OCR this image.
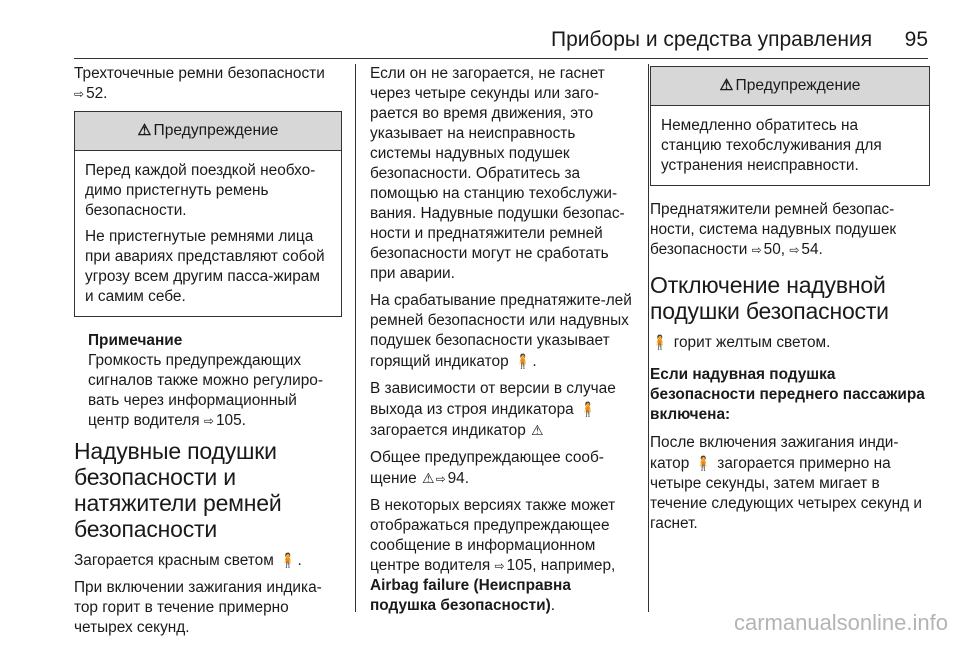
Приборы и средства управления 95

Трехточечные ремни безопасности ⇨ 52.

⚠ Предупреждение

Перед каждой поездкой необхо-димо пристегнуть ремень безопасности.

Не пристегнутые ремнями лица при авариях представляют собой угрозу всем другим пасса-жирам и самим себе.

Примечание
Громкость предупреждающих сигналов также можно регулиро-вать через информационный центр водителя ⇨ 105.
Надувные подушки безопасности и натяжители ремней безопасности

Загорается красным светом 🧍.

При включении зажигания индика-тор горит в течение примерно четырех секунд.

Если он не загорается, не гаснет через четыре секунды или заго-рается во время движения, это указывает на неисправность системы надувных подушек безопасности. Обратитесь за помощью на станцию техобслужи-вания. Надувные подушки безопас-ности и преднатяжители ремней безопасности могут не сработать при аварии.

На срабатывание преднатяжите-лей ремней безопасности или надувных подушек безопасности указывает горящий индикатор 🧍.

В зависимости от версии в случае выхода из строя индикатора 🧍 загорается индикатор ⚠

Общее предупреждающее сооб-щение ⚠ ⇨ 94.

В некоторых версиях также может отображаться предупреждающее сообщение в информационном центре водителя ⇨ 105, например, Airbag failure (Неисправна подушка безопасности).

⚠ Предупреждение

Немедленно обратитесь на станцию техобслуживания для устранения неисправности.

Преднатяжители ремней безопас-ности, система надувных подушек безопасности ⇨ 50, ⇨ 54.

Отключение надувной подушки безопасности

🧍 горит желтым светом.

Если надувная подушка безопасности переднего пассажира включена:

После включения зажигания инди-катор 🧍 загорается примерно на четыре секунды, затем мигает в течение следующих четырех секунд и гаснет.

carmanualsonline.info
